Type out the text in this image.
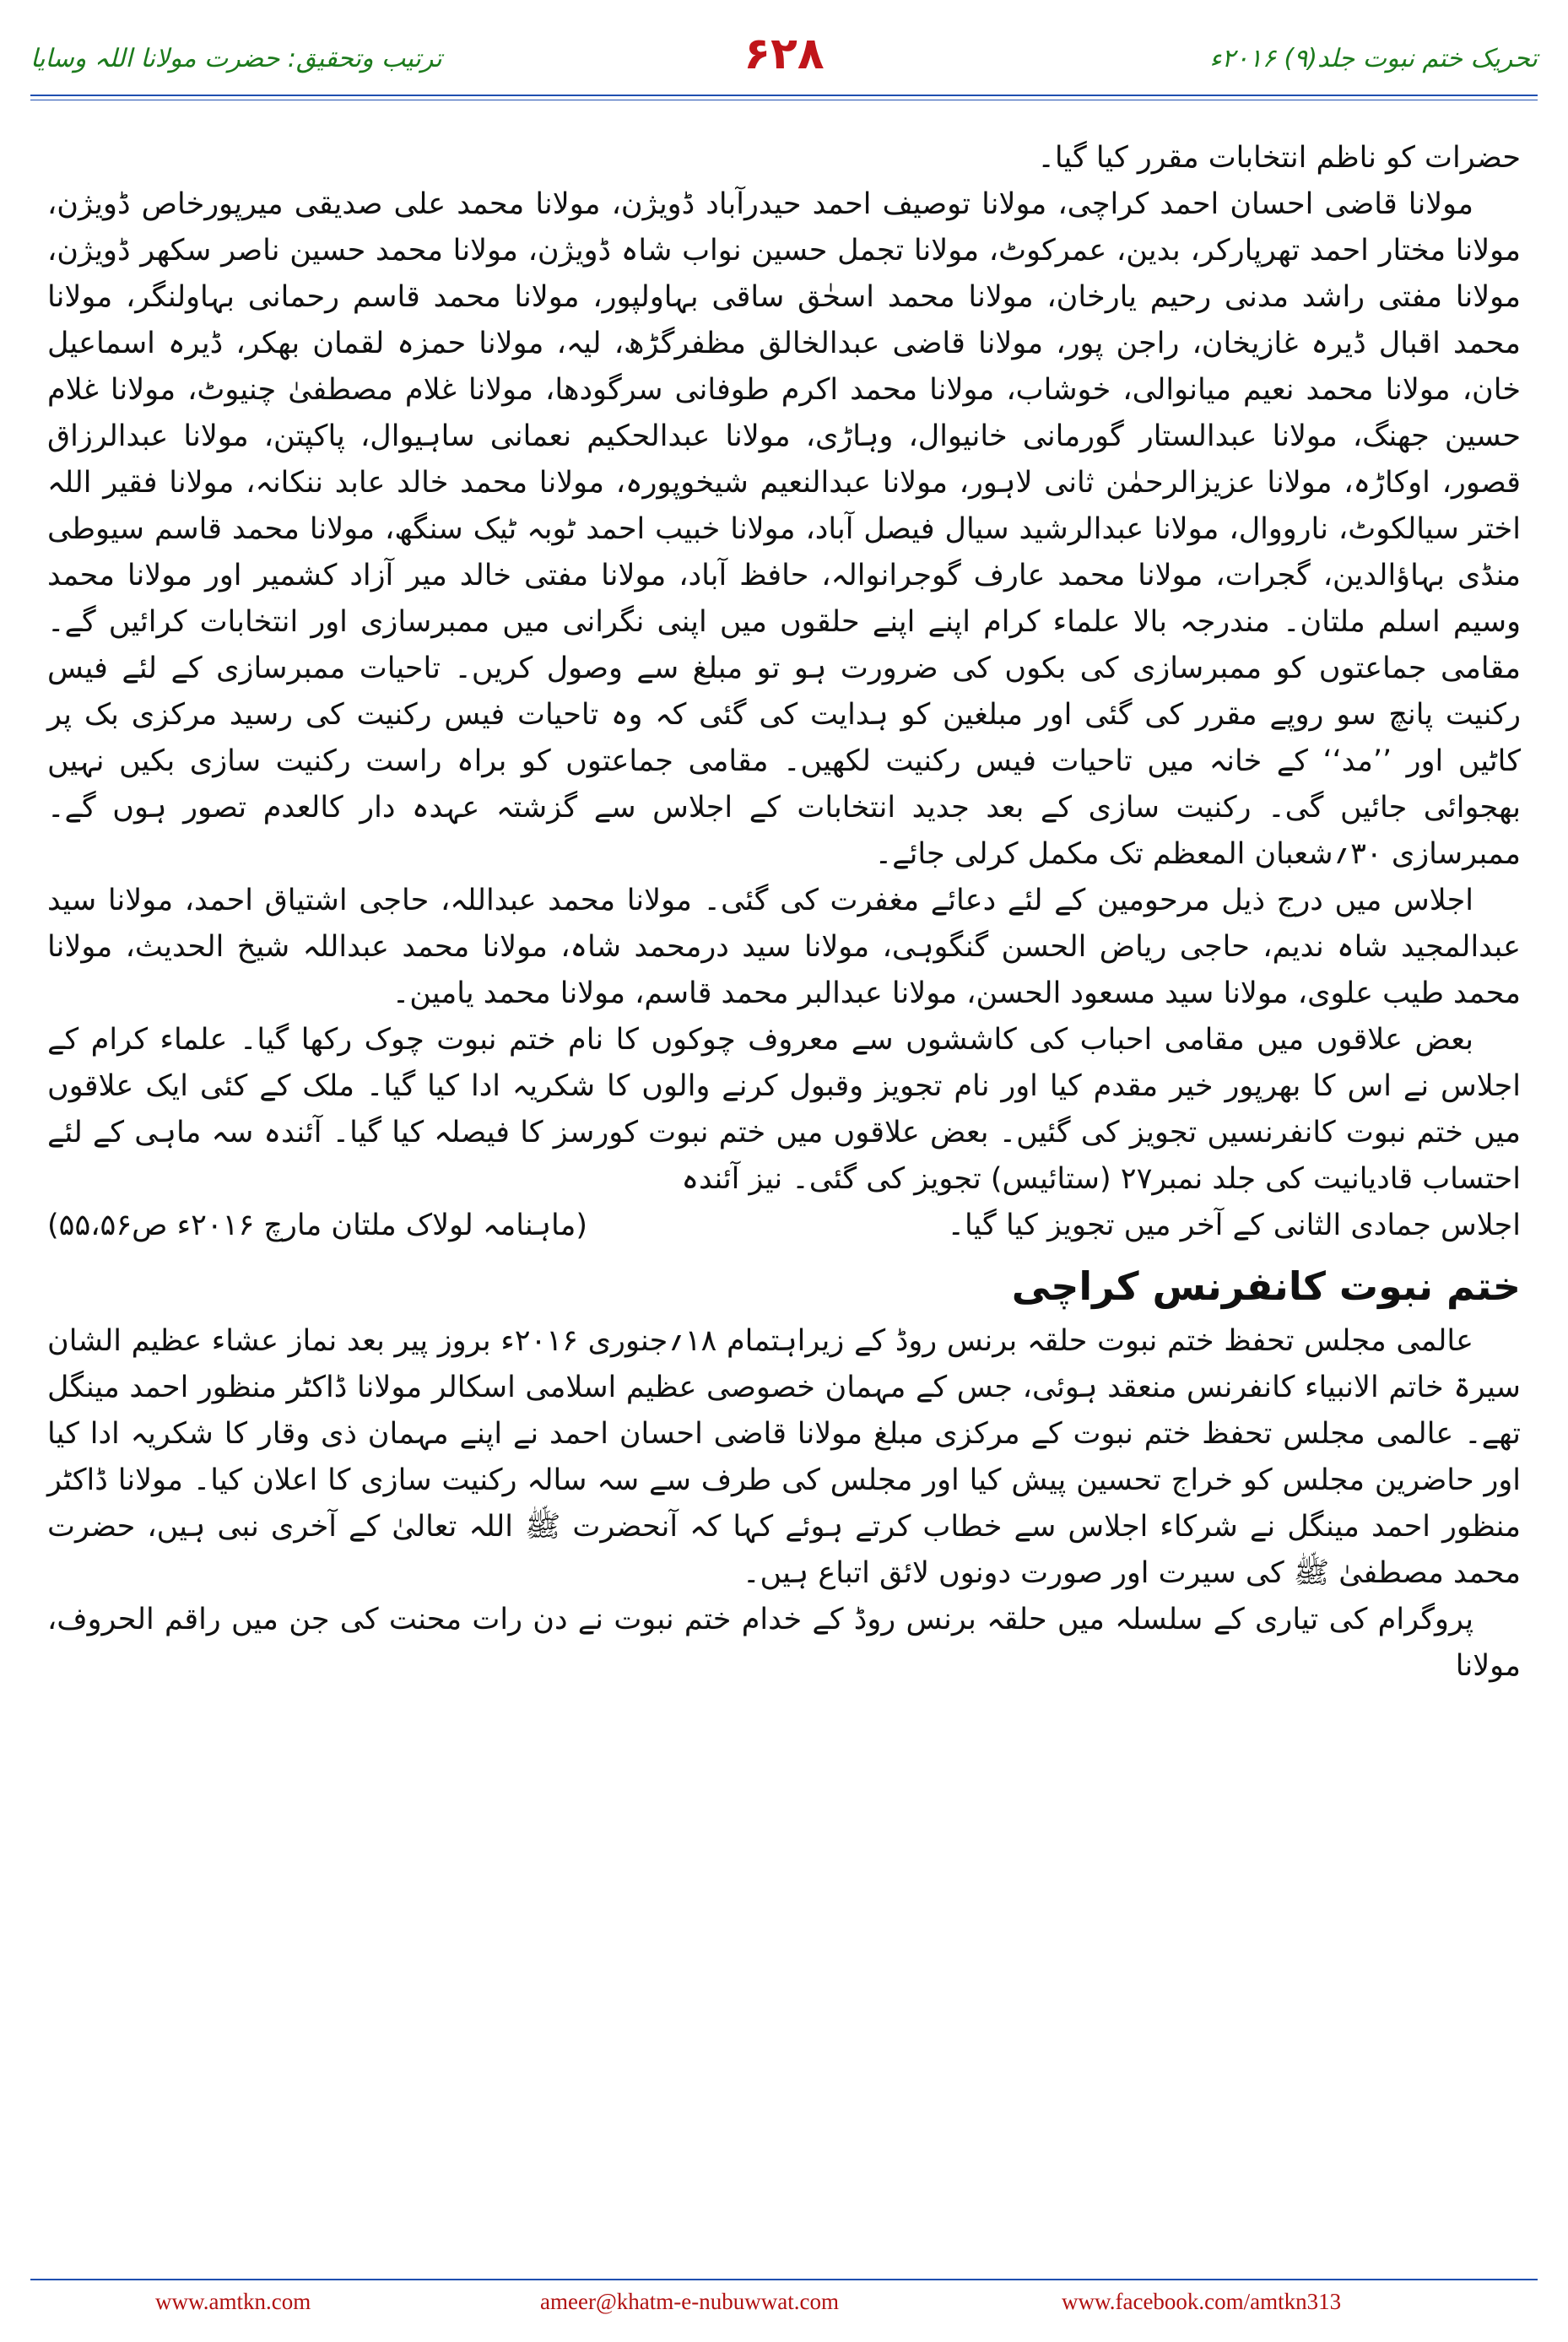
تحریک ختم نبوت جلد(۹) ۲۰۱۶ء
۶۲۸
ترتیب وتحقیق: حضرت مولانا اللہ وسایا

حضرات کو ناظم انتخابات مقرر کیا گیا۔

مولانا قاضی احسان احمد کراچی، مولانا توصیف احمد حیدرآباد ڈویژن، مولانا محمد علی صدیقی میرپورخاص ڈویژن، مولانا مختار احمد تھرپارکر، بدین، عمرکوٹ، مولانا تجمل حسین نواب شاہ ڈویژن، مولانا محمد حسین ناصر سکھر ڈویژن، مولانا مفتی راشد مدنی رحیم یارخان، مولانا محمد اسحٰق ساقی بہاولپور، مولانا محمد قاسم رحمانی بہاولنگر، مولانا محمد اقبال ڈیرہ غازیخان، راجن پور، مولانا قاضی عبدالخالق مظفرگڑھ، لیہ، مولانا حمزہ لقمان بھکر، ڈیرہ اسماعیل خان، مولانا محمد نعیم میانوالی، خوشاب، مولانا محمد اکرم طوفانی سرگودھا، مولانا غلام مصطفیٰ چنیوٹ، مولانا غلام حسین جھنگ، مولانا عبدالستار گورمانی خانیوال، وہاڑی، مولانا عبدالحکیم نعمانی ساہیوال، پاکپتن، مولانا عبدالرزاق قصور، اوکاڑہ، مولانا عزیزالرحمٰن ثانی لاہور، مولانا عبدالنعیم شیخوپورہ، مولانا محمد خالد عابد ننکانہ، مولانا فقیر اللہ اختر سیالکوٹ، نارووال، مولانا عبدالرشید سیال فیصل آباد، مولانا خبیب احمد ٹوبہ ٹیک سنگھ، مولانا محمد قاسم سیوطی منڈی بہاؤالدین، گجرات، مولانا محمد عارف گوجرانوالہ، حافظ آباد، مولانا مفتی خالد میر آزاد کشمیر اور مولانا محمد وسیم اسلم ملتان۔ مندرجہ بالا علماء کرام اپنے اپنے حلقوں میں اپنی نگرانی میں ممبرسازی اور انتخابات کرائیں گے۔ مقامی جماعتوں کو ممبرسازی کی بکوں کی ضرورت ہو تو مبلغ سے وصول کریں۔ تاحیات ممبرسازی کے لئے فیس رکنیت پانچ سو روپے مقرر کی گئی اور مبلغین کو ہدایت کی گئی کہ وہ تاحیات فیس رکنیت کی رسید مرکزی بک پر کاٹیں اور ’’مد‘‘ کے خانہ میں تاحیات فیس رکنیت لکھیں۔ مقامی جماعتوں کو براہ راست رکنیت سازی بکیں نہیں بھجوائی جائیں گی۔ رکنیت سازی کے بعد جدید انتخابات کے اجلاس سے گزشتہ عہدہ دار کالعدم تصور ہوں گے۔ ممبرسازی ۳۰؍شعبان المعظم تک مکمل کرلی جائے۔

اجلاس میں درج ذیل مرحومین کے لئے دعائے مغفرت کی گئی۔ مولانا محمد عبداللہ، حاجی اشتیاق احمد، مولانا سید عبدالمجید شاہ ندیم، حاجی ریاض الحسن گنگوہی، مولانا سید درمحمد شاہ، مولانا محمد عبداللہ شیخ الحدیث، مولانا محمد طیب علوی، مولانا سید مسعود الحسن، مولانا عبدالبر محمد قاسم، مولانا محمد یامین۔

بعض علاقوں میں مقامی احباب کی کاششوں سے معروف چوکوں کا نام ختم نبوت چوک رکھا گیا۔ علماء کرام کے اجلاس نے اس کا بھرپور خیر مقدم کیا اور نام تجویز وقبول کرنے والوں کا شکریہ ادا کیا گیا۔ ملک کے کئی ایک علاقوں میں ختم نبوت کانفرنسیں تجویز کی گئیں۔ بعض علاقوں میں ختم نبوت کورسز کا فیصلہ کیا گیا۔ آئندہ سہ ماہی کے لئے احتساب قادیانیت کی جلد نمبر۲۷ (ستائیس) تجویز کی گئی۔ نیز آئندہ

اجلاس جمادی الثانی کے آخر میں تجویز کیا گیا۔
(ماہنامہ لولاک ملتان مارچ ۲۰۱۶ء ص۵۵،۵۶)

ختم نبوت کانفرنس کراچی

عالمی مجلس تحفظ ختم نبوت حلقہ برنس روڈ کے زیراہتمام ۱۸؍جنوری ۲۰۱۶ء بروز پیر بعد نماز عشاء عظیم الشان سیرۃ خاتم الانبیاء کانفرنس منعقد ہوئی، جس کے مہمان خصوصی عظیم اسلامی اسکالر مولانا ڈاکٹر منظور احمد مینگل تھے۔ عالمی مجلس تحفظ ختم نبوت کے مرکزی مبلغ مولانا قاضی احسان احمد نے اپنے مہمان ذی وقار کا شکریہ ادا کیا اور حاضرین مجلس کو خراج تحسین پیش کیا اور مجلس کی طرف سے سہ سالہ رکنیت سازی کا اعلان کیا۔ مولانا ڈاکٹر منظور احمد مینگل نے شرکاء اجلاس سے خطاب کرتے ہوئے کہا کہ آنحضرت ﷺ اللہ تعالیٰ کے آخری نبی ہیں، حضرت محمد مصطفیٰ ﷺ کی سیرت اور صورت دونوں لائق اتباع ہیں۔

پروگرام کی تیاری کے سلسلہ میں حلقہ برنس روڈ کے خدام ختم نبوت نے دن رات محنت کی جن میں راقم الحروف، مولانا

www.amtkn.com	ameer@khatm-e-nubuwwat.com	www.facebook.com/amtkn313
